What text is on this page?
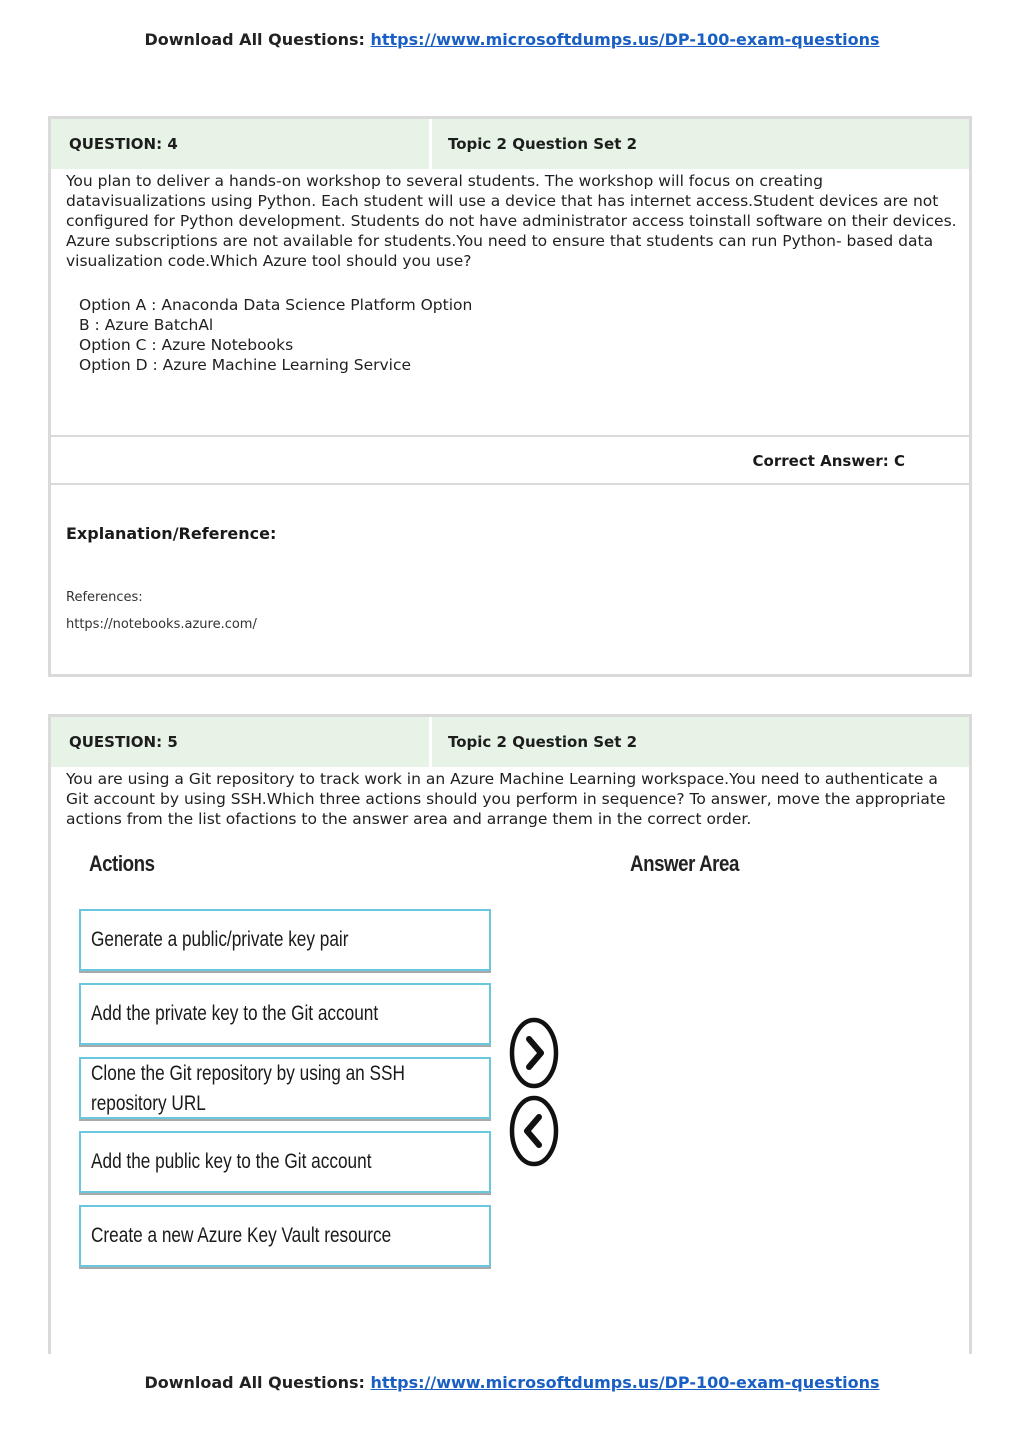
Download All Questions: https://www.microsoftdumps.us/DP-100-exam-questions
QUESTION: 4	Topic 2 Question Set 2
You plan to deliver a hands-on workshop to several students. The workshop will focus on creating datavisualizations using Python. Each student will use a device that has internet access.Student devices are not configured for Python development. Students do not have administrator access toinstall software on their devices. Azure subscriptions are not available for students.You need to ensure that students can run Python- based data visualization code.Which Azure tool should you use?
Option A : Anaconda Data Science Platform Option
B : Azure BatchAl
Option C : Azure Notebooks
Option D : Azure Machine Learning Service
Correct Answer: C
Explanation/Reference:
References:
https://notebooks.azure.com/
QUESTION: 5	Topic 2 Question Set 2
You are using a Git repository to track work in an Azure Machine Learning workspace.You need to authenticate a Git account by using SSH.Which three actions should you perform in sequence? To answer, move the appropriate actions from the list ofactions to the answer area and arrange them in the correct order.
Actions	Answer Area
Generate a public/private key pair
Add the private key to the Git account
Clone the Git repository by using an SSH
repository URL
Add the public key to the Git account
Create a new Azure Key Vault resource
Download All Questions: https://www.microsoftdumps.us/DP-100-exam-questions
